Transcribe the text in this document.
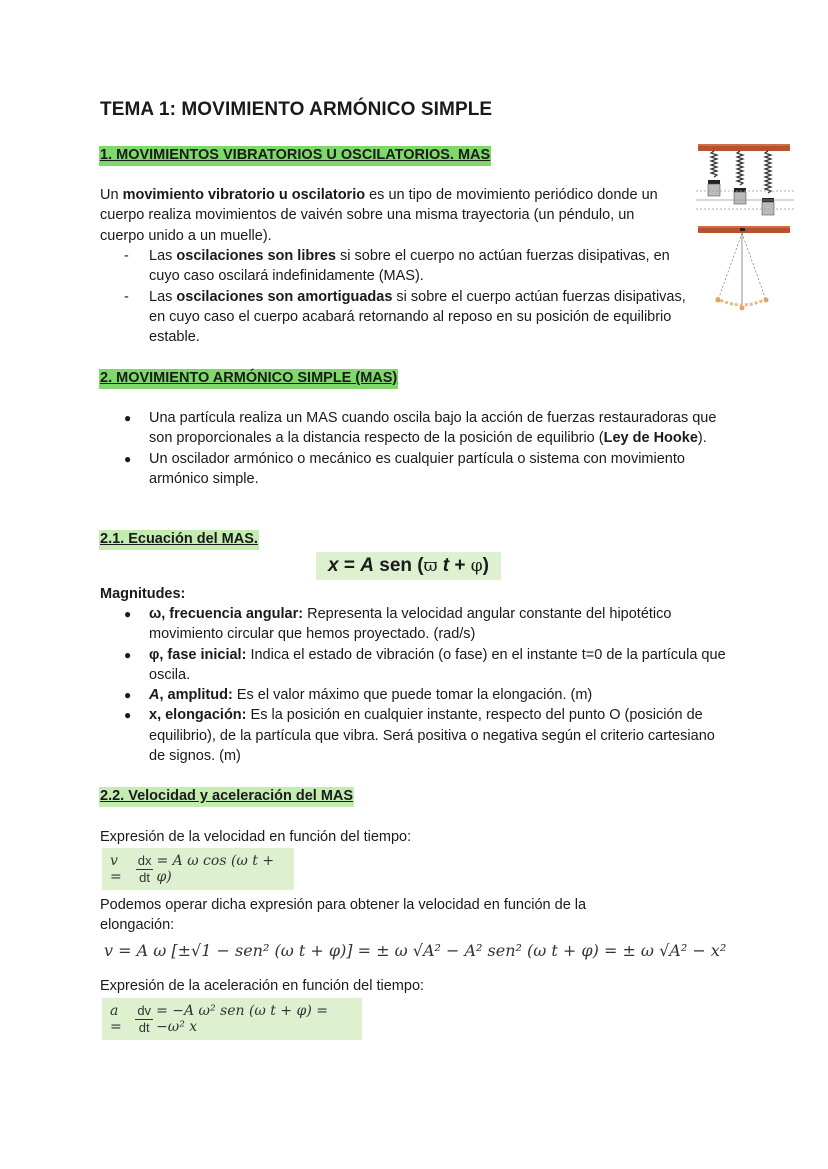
TEMA 1: MOVIMIENTO ARMÓNICO SIMPLE
1. MOVIMIENTOS VIBRATORIOS U OSCILATORIOS. MAS
Un movimiento vibratorio u oscilatorio es un tipo de movimiento periódico donde un cuerpo realiza movimientos de vaivén sobre una misma trayectoria (un péndulo, un cuerpo unido a un muelle).
- Las oscilaciones son libres si sobre el cuerpo no actúan fuerzas disipativas, en cuyo caso oscilará indefinidamente (MAS).
- Las oscilaciones son amortiguadas si sobre el cuerpo actúan fuerzas disipativas, en cuyo caso el cuerpo acabará retornando al reposo en su posición de equilibrio estable.
2. MOVIMIENTO ARMÓNICO SIMPLE (MAS)
● Una partícula realiza un MAS cuando oscila bajo la acción de fuerzas restauradoras que son proporcionales a la distancia respecto de la posición de equilibrio (Ley de Hooke).
● Un oscilador armónico o mecánico es cualquier partícula o sistema con movimiento armónico simple.
2.1. Ecuación del MAS.
x = A sen (ϖ t + φ)
Magnitudes:
● ω, frecuencia angular: Representa la velocidad angular constante del hipotético movimiento circular que hemos proyectado. (rad/s)
● φ, fase inicial: Indica el estado de vibración (o fase) en el instante t=0 de la partícula que oscila.
● A, amplitud: Es el valor máximo que puede tomar la elongación. (m)
● x, elongación: Es la posición en cualquier instante, respecto del punto O (posición de equilibrio), de la partícula que vibra. Será positiva o negativa según el criterio cartesiano de signos. (m)
2.2. Velocidad y aceleración del MAS
Expresión de la velocidad en función del tiempo:
v =	$\frac{dx}{dt} = A$ ω cos (ω t + φ)
Podemos operar dicha expresión para obtener la velocidad en función de la elongación:
v = A ω [±√1 − sen² (ω t + φ)] = ± ω √A² − A² sen² (ω t + φ) = ± ω √A² − x²
Expresión de la aceleración en función del tiempo:
a =	$\frac{dv}{dt} = -A$ ω² sen (ω t + φ) = −ω² x
